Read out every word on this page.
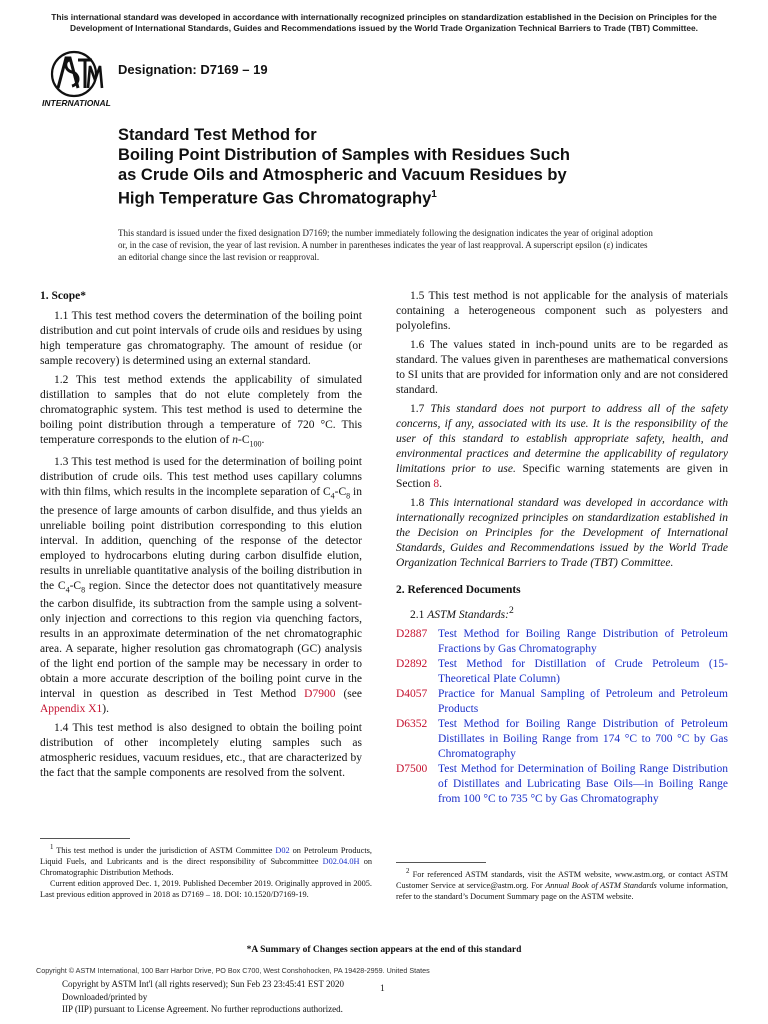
This international standard was developed in accordance with internationally recognized principles on standardization established in the Decision on Principles for the Development of International Standards, Guides and Recommendations issued by the World Trade Organization Technical Barriers to Trade (TBT) Committee.
INTERNATIONAL
Designation: D7169 – 19
Standard Test Method for
Boiling Point Distribution of Samples with Residues Such
as Crude Oils and Atmospheric and Vacuum Residues by
High Temperature Gas Chromatography$^1$
This standard is issued under the fixed designation D7169; the number immediately following the designation indicates the year of original adoption or, in the case of revision, the year of last revision. A number in parentheses indicates the year of last reapproval. A superscript epsilon (ε) indicates an editorial change since the last revision or reapproval.
1. Scope*

1.1 This test method covers the determination of the boiling point distribution and cut point intervals of crude oils and residues by using high temperature gas chromatography. The amount of residue (or sample recovery) is determined using an external standard.

1.2 This test method extends the applicability of simulated distillation to samples that do not elute completely from the chromatographic system. This test method is used to determine the boiling point distribution through a temperature of 720 °C. This temperature corresponds to the elution of $n-C_{100}$.

1.3 This test method is used for the determination of boiling point distribution of crude oils. This test method uses capillary columns with thin films, which results in the incomplete separation of $C_4-C_8$ in the presence of large amounts of carbon disulfide, and thus yields an unreliable boiling point distribution corresponding to this elution interval. In addition, quenching of the response of the detector employed to hydrocarbons eluting during carbon disulfide elution, results in unreliable quantitative analysis of the boiling distribution in the $C_4-C_8$ region. Since the detector does not quantitatively measure the carbon disulfide, its subtraction from the sample using a solvent-only injection and corrections to this region via quenching factors, results in an approximate determination of the net chromatographic area. A separate, higher resolution gas chromatograph (GC) analysis of the light end portion of the sample may be necessary in order to obtain a more accurate description of the boiling point curve in the interval in question as described in Test Method D7900 (see Appendix X1).

1.4 This test method is also designed to obtain the boiling point distribution of other incompletely eluting samples such as atmospheric residues, vacuum residues, etc., that are characterized by the fact that the sample components are resolved from the solvent.

1.5 This test method is not applicable for the analysis of materials containing a heterogeneous component such as polyesters and polyolefins.

1.6 The values stated in inch-pound units are to be regarded as standard. The values given in parentheses are mathematical conversions to SI units that are provided for information only and are not considered standard.

1.7 This standard does not purport to address all of the safety concerns, if any, associated with its use. It is the responsibility of the user of this standard to establish appropriate safety, health, and environmental practices and determine the applicability of regulatory limitations prior to use. Specific warning statements are given in Section 8.

1.8 This international standard was developed in accordance with internationally recognized principles on standardization established in the Decision on Principles for the Development of International Standards, Guides and Recommendations issued by the World Trade Organization Technical Barriers to Trade (TBT) Committee.

2. Referenced Documents

2.1 ASTM Standards:$^2$

D2887 Test Method for Boiling Range Distribution of Petroleum Fractions by Gas Chromatography
D2892 Test Method for Distillation of Crude Petroleum (15-Theoretical Plate Column)
D4057 Practice for Manual Sampling of Petroleum and Petroleum Products
D6352 Test Method for Boiling Range Distribution of Petroleum Distillates in Boiling Range from 174 °C to 700 °C by Gas Chromatography
D7500 Test Method for Determination of Boiling Range Distribution of Distillates and Lubricating Base Oils—in Boiling Range from 100 °C to 735 °C by Gas Chromatography

$^1$ This test method is under the jurisdiction of ASTM Committee D02 on Petroleum Products, Liquid Fuels, and Lubricants and is the direct responsibility of Subcommittee D02.04.0H on Chromatographic Distribution Methods.

Current edition approved Dec. 1, 2019. Published December 2019. Originally approved in 2005. Last previous edition approved in 2018 as D7169 – 18. DOI: 10.1520/D7169-19.

$^2$ For referenced ASTM standards, visit the ASTM website, www.astm.org, or contact ASTM Customer Service at service@astm.org. For Annual Book of ASTM Standards volume information, refer to the standard’s Document Summary page on the ASTM website.

*A Summary of Changes section appears at the end of this standard
Copyright © ASTM International, 100 Barr Harbor Drive, PO Box C700, West Conshohocken, PA 19428-2959. United States
Copyright by ASTM Int'l (all rights reserved); Sun Feb 23 23:45:41 EST 2020
Downloaded/printed by
IIP (IIP) pursuant to License Agreement. No further reproductions authorized.
1
